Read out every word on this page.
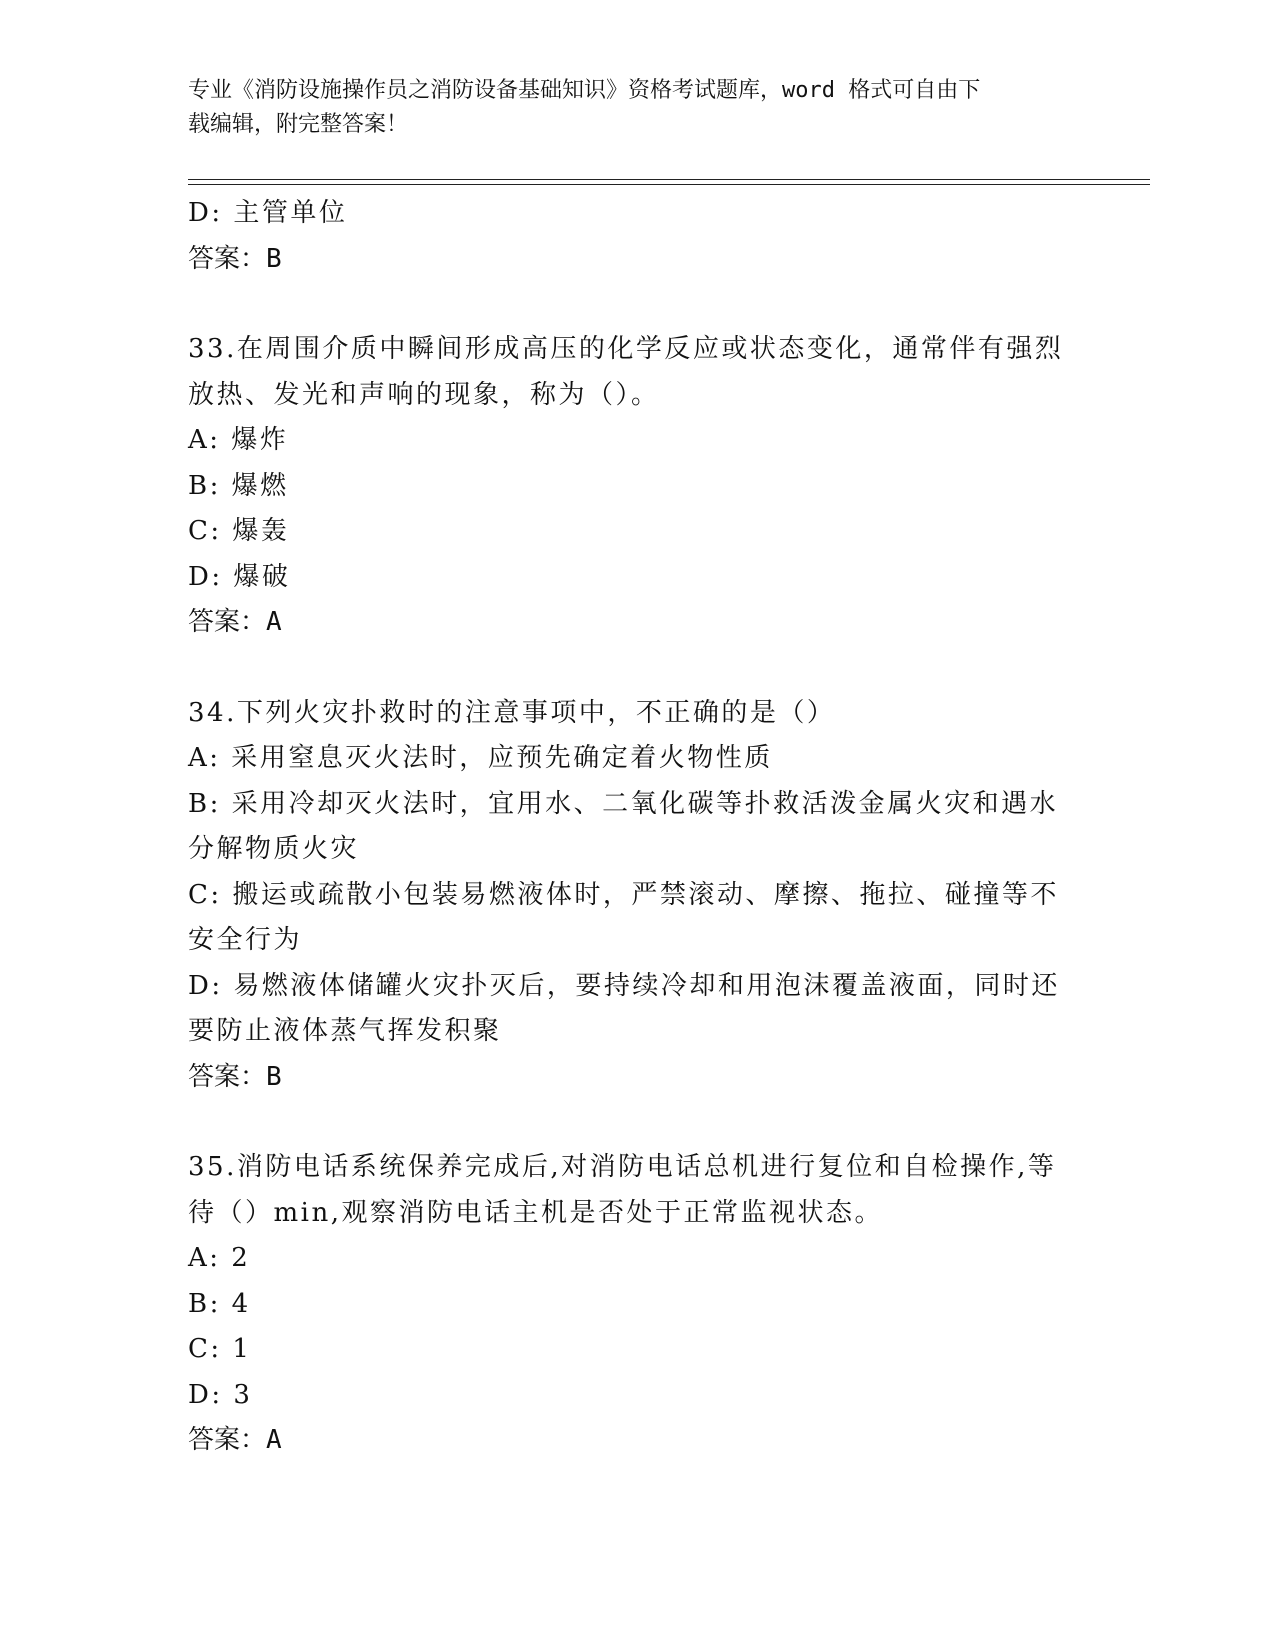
专业《消防设施操作员之消防设备基础知识》资格考试题库，word 格式可自由下
载编辑，附完整答案！

D: 主管单位

答案：B

33.在周围介质中瞬间形成高压的化学反应或状态变化，通常伴有强烈

放热、发光和声响的现象，称为（）。

A: 爆炸

B: 爆燃

C: 爆轰

D: 爆破

答案：A

34.下列火灾扑救时的注意事项中，不正确的是（）

A: 采用窒息灭火法时，应预先确定着火物性质

B: 采用冷却灭火法时，宜用水、二氧化碳等扑救活泼金属火灾和遇水

分解物质火灾

C: 搬运或疏散小包装易燃液体时，严禁滚动、摩擦、拖拉、碰撞等不

安全行为

D: 易燃液体储罐火灾扑灭后，要持续冷却和用泡沫覆盖液面，同时还

要防止液体蒸气挥发积聚

答案：B

35.消防电话系统保养完成后,对消防电话总机进行复位和自检操作,等

待（）min,观察消防电话主机是否处于正常监视状态。

A: 2

B: 4

C: 1

D: 3

答案：A
